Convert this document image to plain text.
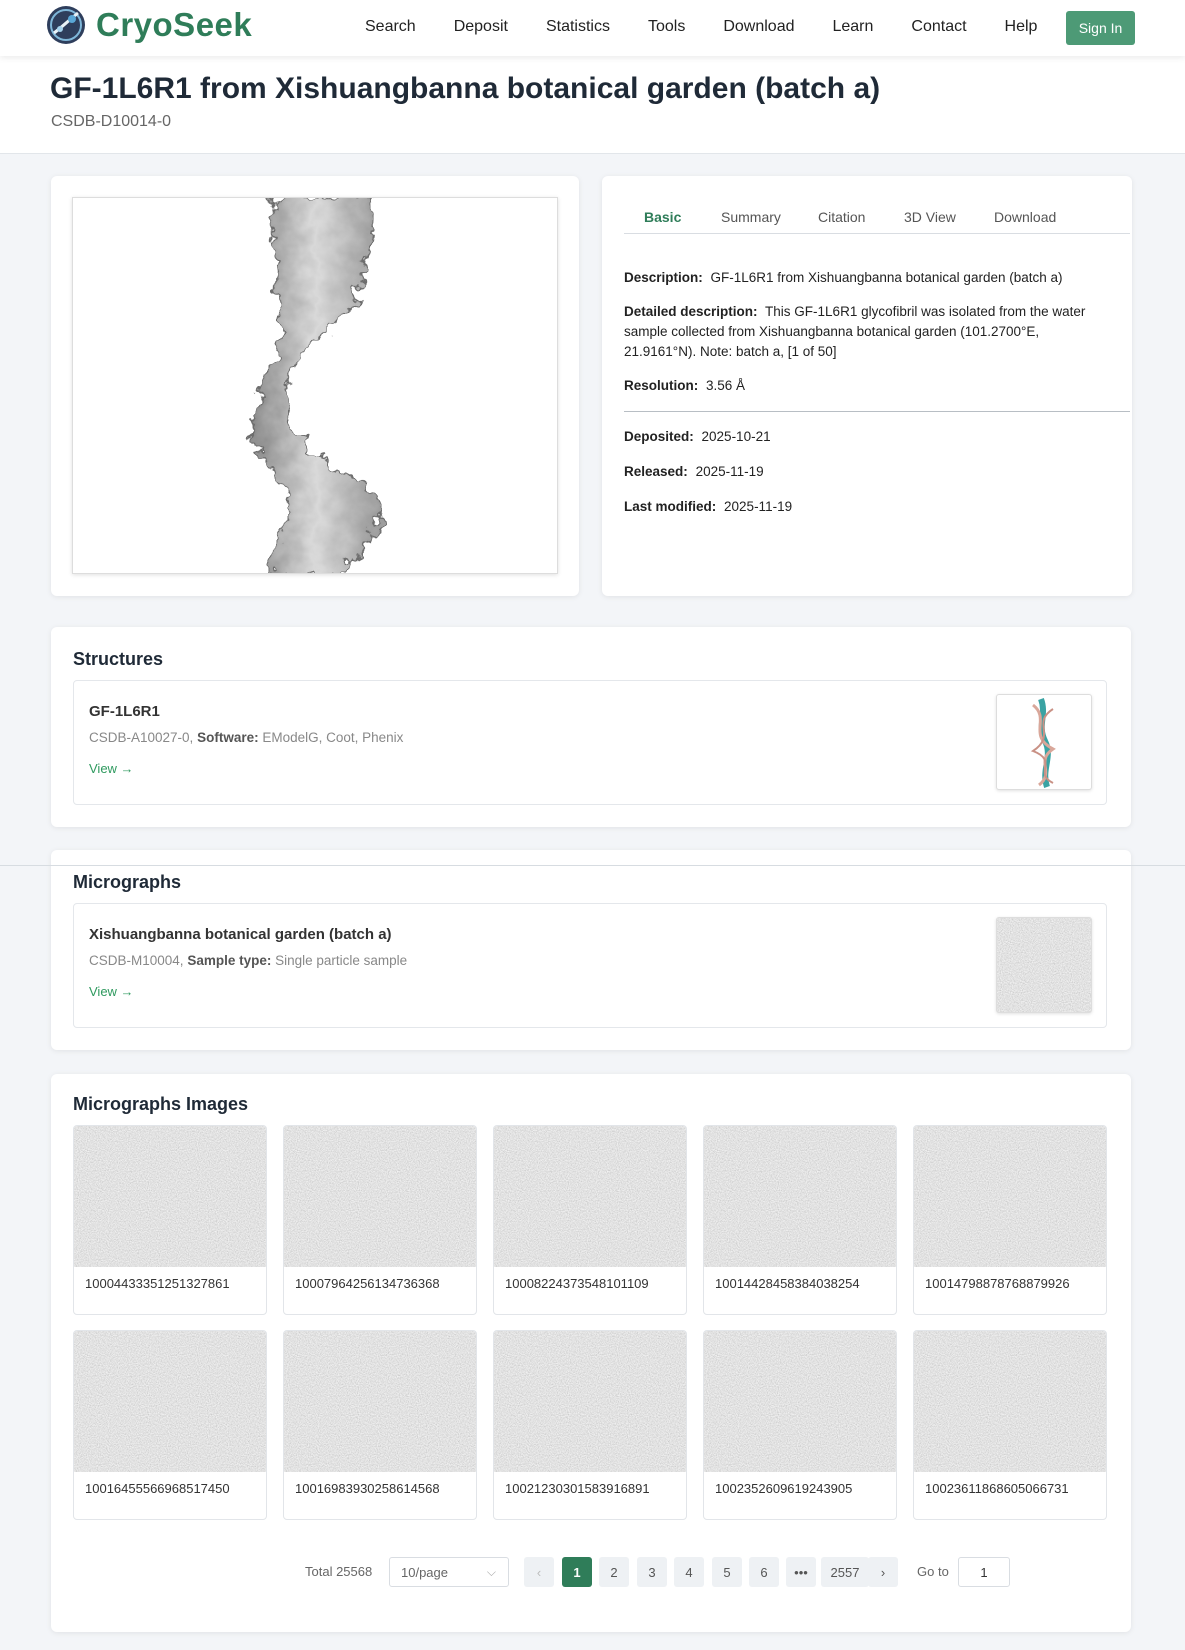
CryoSeek	Search Deposit Statistics Tools Download Learn Contact Help	Sign In
GF-1L6R1 from Xishuangbanna botanical garden (batch a)
CSDB-D10014-0
Basic	Summary	Citation	3D View	Download
Description: GF-1L6R1 from Xishuangbanna botanical garden (batch a)
Detailed description: This GF-1L6R1 glycofibril was isolated from the water
sample collected from Xishuangbanna botanical garden (101.2700°E,
21.9161°N). Note: batch a, [1 of 50]
Resolution: 3.56 Å
Deposited: 2025-10-21
Released: 2025-11-19
Last modified: 2025-11-19
Structures
GF-1L6R1
CSDB-A10027-0, Software: EModelG, Coot, Phenix
View →
Micrographs
Xishuangbanna botanical garden (batch a)
CSDB-M10004, Sample type: Single particle sample
View →
Micrographs Images
10004433351251327861	10007964256134736368	10008224373548101109	10014428458384038254	10014798878768879926
10016455566968517450	10016983930258614568	10021230301583916891	1002352609619243905	10023611868605066731
Total 25568	10/page	⌵	‹	1	2	3	4	5	6	•••	2557	›	Go to	1
